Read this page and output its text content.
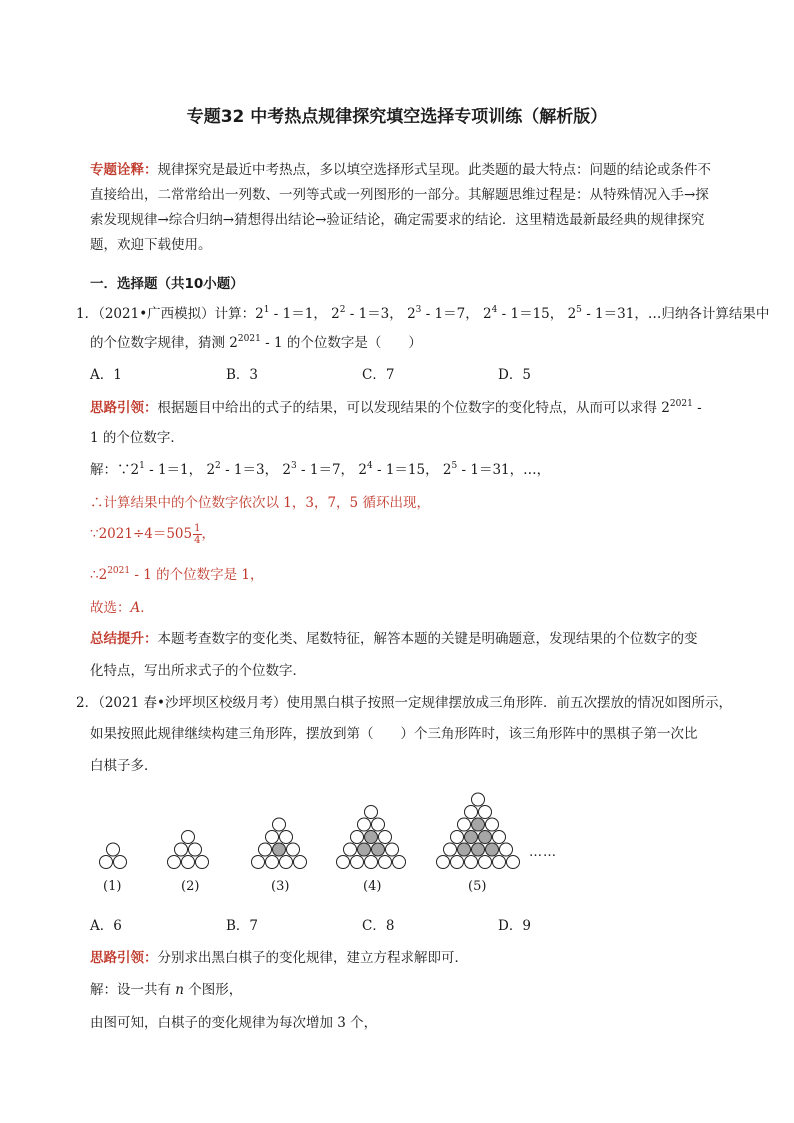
专题32 中考热点规律探究填空选择专项训练（解析版）
专题诠释：规律探究是最近中考热点，多以填空选择形式呈现。此类题的最大特点：问题的结论或条件不
直接给出，二常常给出一列数、一列等式或一列图形的一部分。其解题思维过程是：从特殊情况入手→探
索发现规律→综合归纳→猜想得出结论→验证结论，确定需要求的结论．这里精选最新最经典的规律探究
题，欢迎下载使用。
一．选择题（共10小题）
1．（2021•广西模拟）计算：$2^1 - 1=1$， $2^2 - 1=3$， $2^3 - 1=7$， $2^4 - 1=15$， $2^5 - 1=31$，…归纳各计算结果中
的个位数字规律，猜测 $2^{2021} - 1$ 的个位数字是（　　）
A．1	B．3	C．7	D．5
思路引领：根据题目中给出的式子的结果，可以发现结果的个位数字的变化特点，从而可以求得 $2^{2021}$ -
1 的个位数字．
解：$\because 2^1 - 1=1$， $2^2 - 1=3$， $2^3 - 1=7$， $2^4 - 1=15$， $2^5 - 1=31$，…，
∴计算结果中的个位数字依次以 1，3，7，5 循环出现，
∵2021÷4＝505 $\frac{1}{4}$ ，
$\therefore 2^{2021} - 1$ 的个位数字是 1，
故选：A．
总结提升：本题考查数字的变化类、尾数特征，解答本题的关键是明确题意，发现结果的个位数字的变
化特点，写出所求式子的个位数字．
2．（2021 春•沙坪坝区校级月考）使用黑白棋子按照一定规律摆放成三角形阵．前五次摆放的情况如图所示，
如果按照此规律继续构建三角形阵，摆放到第（　　）个三角形阵时，该三角形阵中的黑棋子第一次比
白棋子多．
(1)	(2)	(3)	(4)	(5)
……
A．6	B．7	C．8	D．9
思路引领：分别求出黑白棋子的变化规律，建立方程求解即可．
解：设一共有 n 个图形，
由图可知，白棋子的变化规律为每次增加 3 个，
